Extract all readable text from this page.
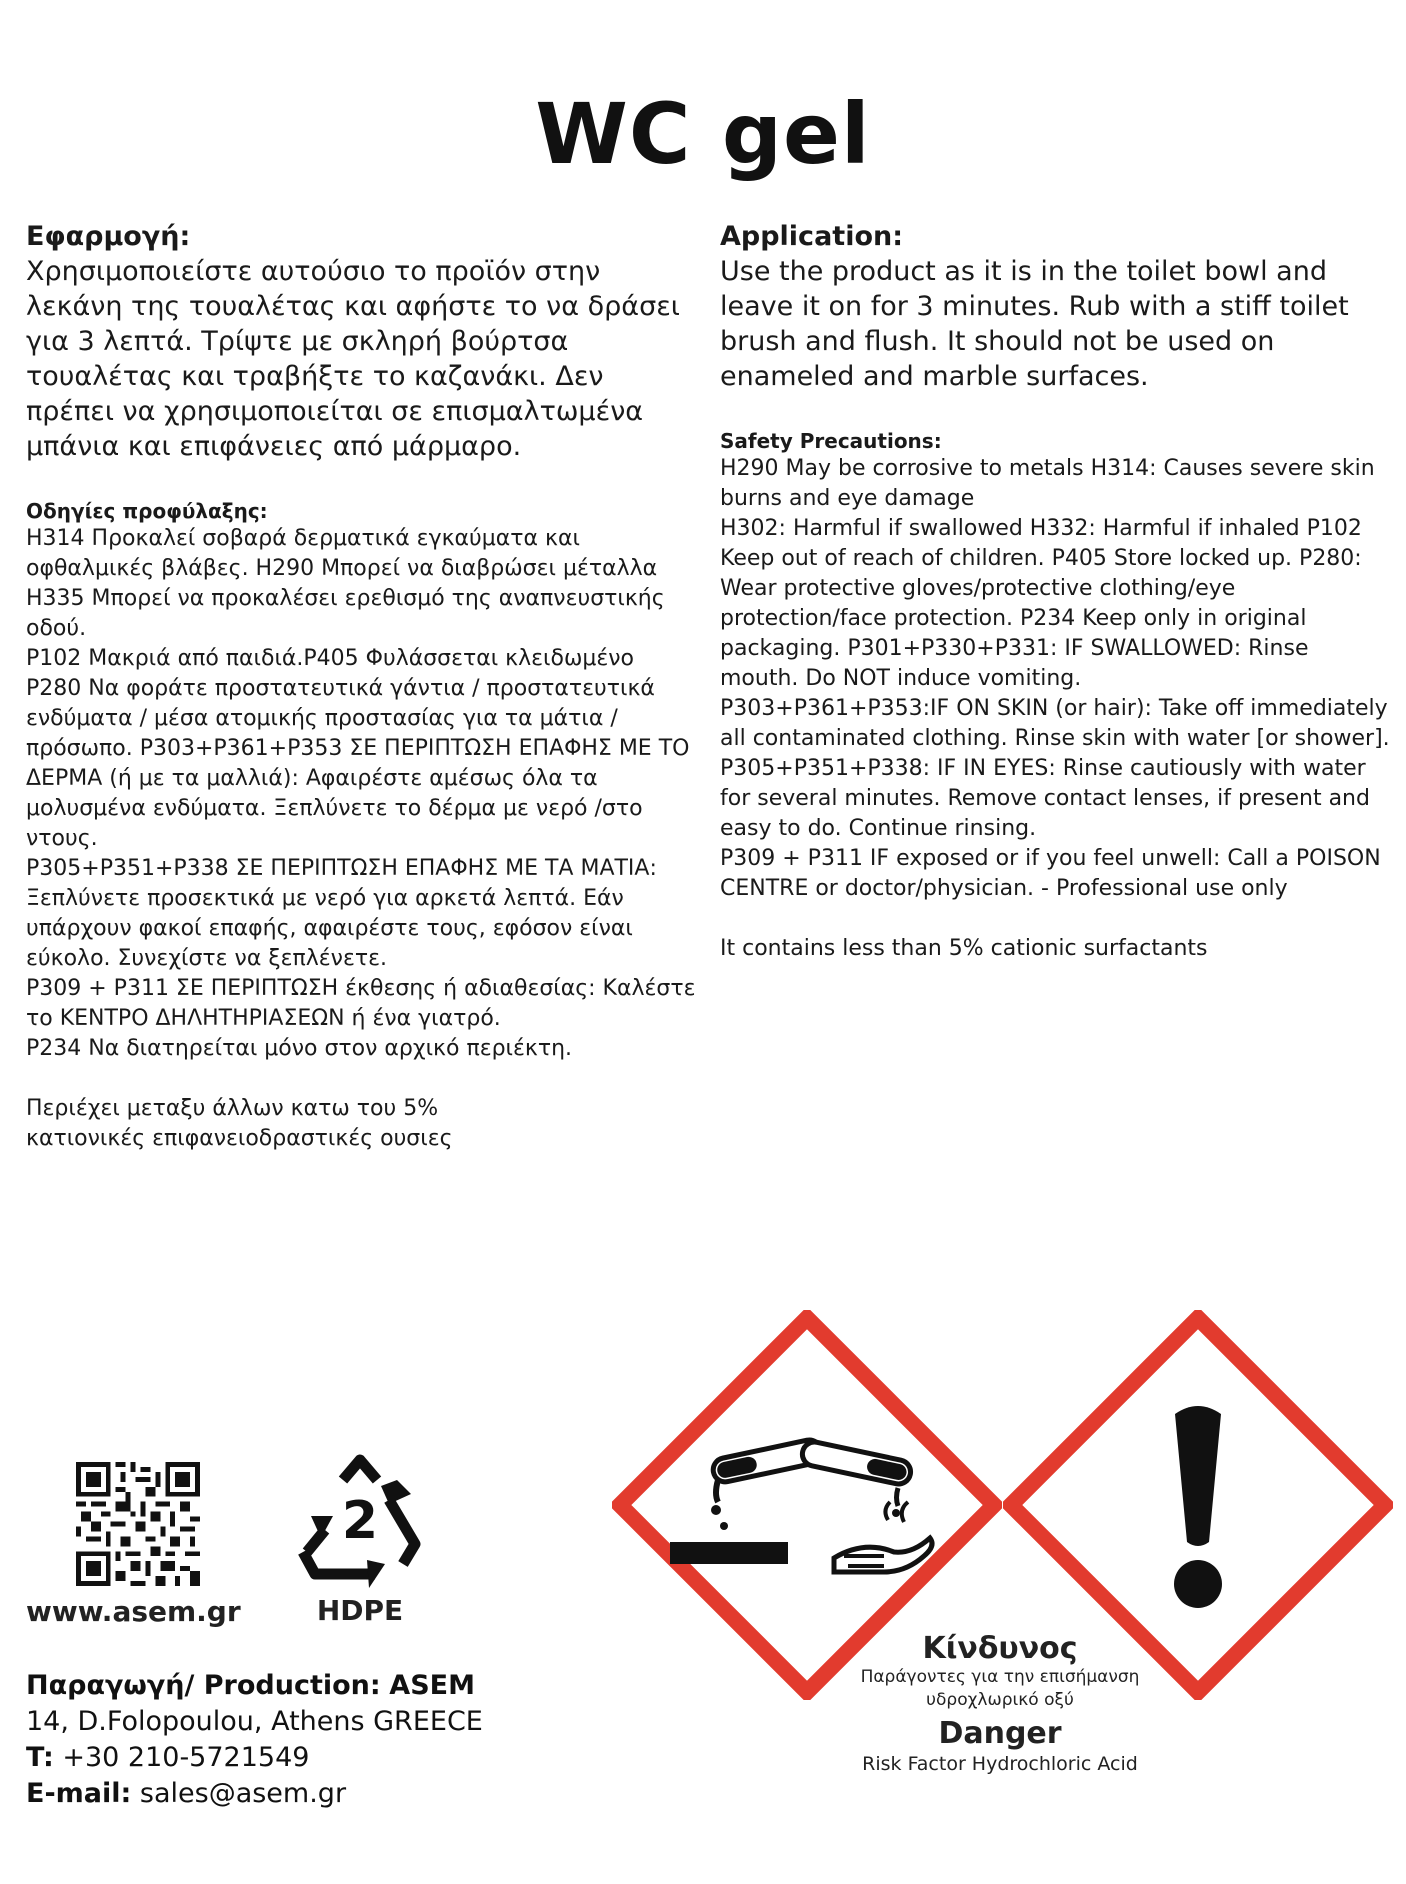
WC gel

Εφαρμογή:

Χρησιμοποιείστε αυτούσιο το προϊόν στην λεκάνη της τουαλέτας και αφήστε το να δράσει για 3 λεπτά. Τρίψτε με σκληρή βούρτσα τουαλέτας και τραβήξτε το καζανάκι. Δεν πρέπει να χρησιμοποιείται σε επισμαλτωμένα μπάνια και επιφάνειες από μάρμαρο.

Οδηγίες προφύλαξης:

H314 Προκαλεί σοβαρά δερματικά εγκαύματα και οφθαλμικές βλάβες. H290 Μπορεί να διαβρώσει μέταλλα H335 Μπορεί να προκαλέσει ερεθισμό της αναπνευστικής οδού.
P102 Μακριά από παιδιά.P405 Φυλάσσεται κλειδωμένο P280 Να φοράτε προστατευτικά γάντια / προστατευτικά ενδύματα / μέσα ατομικής προστασίας για τα μάτια / πρόσωπο. P303+P361+P353 ΣΕ ΠΕΡΙΠΤΩΣΗ ΕΠΑΦΗΣ ΜΕ ΤΟ ΔΕΡΜΑ (ή με τα μαλλιά): Αφαιρέστε αμέσως όλα τα μολυσμένα ενδύματα. Ξεπλύνετε το δέρμα με νερό /στο ντους.
P305+P351+P338 ΣΕ ΠΕΡΙΠΤΩΣΗ ΕΠΑΦΗΣ ΜΕ ΤΑ ΜΑΤΙΑ: Ξεπλύνετε προσεκτικά με νερό για αρκετά λεπτά. Εάν υπάρχουν φακοί επαφής, αφαιρέστε τους, εφόσον είναι εύκολο. Συνεχίστε να ξεπλένετε.
P309 + P311 ΣΕ ΠΕΡΙΠΤΩΣΗ έκθεσης ή αδιαθεσίας: Καλέστε το ΚΕΝΤΡΟ ΔΗΛΗΤΗΡΙΑΣΕΩΝ ή ένα γιατρό.
P234 Να διατηρείται μόνο στον αρχικό περιέκτη.

Περιέχει μεταξυ άλλων κατω του 5%
κατιονικές επιφανειοδραστικές ουσιες

Application:

Use the product as it is in the toilet bowl and leave it on for 3 minutes. Rub with a stiff toilet brush and flush. It should not be used on enameled and marble surfaces.

Safety Precautions:

H290 May be corrosive to metals H314: Causes severe skin burns and eye damage
H302: Harmful if swallowed H332: Harmful if inhaled P102 Keep out of reach of children. P405 Store locked up. P280: Wear protective gloves/protective clothing/eye protection/face protection. P234 Keep only in original packaging. P301+P330+P331: IF SWALLOWED: Rinse mouth. Do NOT induce vomiting.
P303+P361+P353:IF ON SKIN (or hair): Take off immediately all contaminated clothing. Rinse skin with water [or shower]. P305+P351+P338: IF IN EYES: Rinse cautiously with water for several minutes. Remove contact lenses, if present and easy to do. Continue rinsing.
P309 + P311 IF exposed or if you feel unwell: Call a POISON CENTRE or doctor/physician. - Professional use only

It contains less than 5% cationic surfactants

www.asem.gr
2
HDPE
Παραγωγή/ Production: ASEM
14, D.Folopoulou, Athens GREECE
T: +30 210-5721549
E-mail: sales@asem.gr
Κίνδυνος
Παράγοντες για την επισήμανση
υδροχλωρικό οξύ
Danger
Risk Factor Hydrochloric Acid
